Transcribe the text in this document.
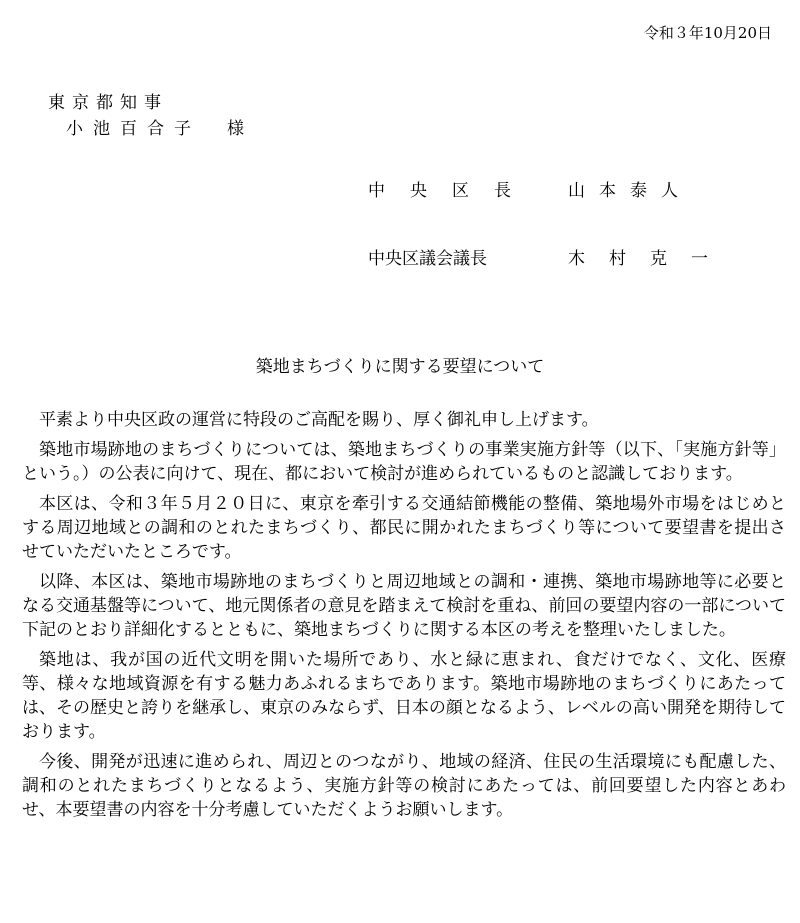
令和３年10月20日
東京都知事
小池百合子 様
中央区長	山本泰人
中央区議会議長	木村克一
築地まちづくりに関する要望について

平素より中央区政の運営に特段のご高配を賜り、厚く御礼申し上げます。

築地市場跡地のまちづくりについては、築地まちづくりの事業実施方針等（以下、「実施方針等」という。）の公表に向けて、現在、都において検討が進められているものと認識しております。

本区は、令和３年５月２０日に、東京を牽引する交通結節機能の整備、築地場外市場をはじめとする周辺地域との調和のとれたまちづくり、都民に開かれたまちづくり等について要望書を提出させていただいたところです。

以降、本区は、築地市場跡地のまちづくりと周辺地域との調和・連携、築地市場跡地等に必要となる交通基盤等について、地元関係者の意見を踏まえて検討を重ね、前回の要望内容の一部について下記のとおり詳細化するとともに、築地まちづくりに関する本区の考えを整理いたしました。

築地は、我が国の近代文明を開いた場所であり、水と緑に恵まれ、食だけでなく、文化、医療等、様々な地域資源を有する魅力あふれるまちであります。築地市場跡地のまちづくりにあたっては、その歴史と誇りを継承し、東京のみならず、日本の顔となるよう、レベルの高い開発を期待しております。

今後、開発が迅速に進められ、周辺とのつながり、地域の経済、住民の生活環境にも配慮した、調和のとれたまちづくりとなるよう、実施方針等の検討にあたっては、前回要望した内容とあわせ、本要望書の内容を十分考慮していただくようお願いします。
